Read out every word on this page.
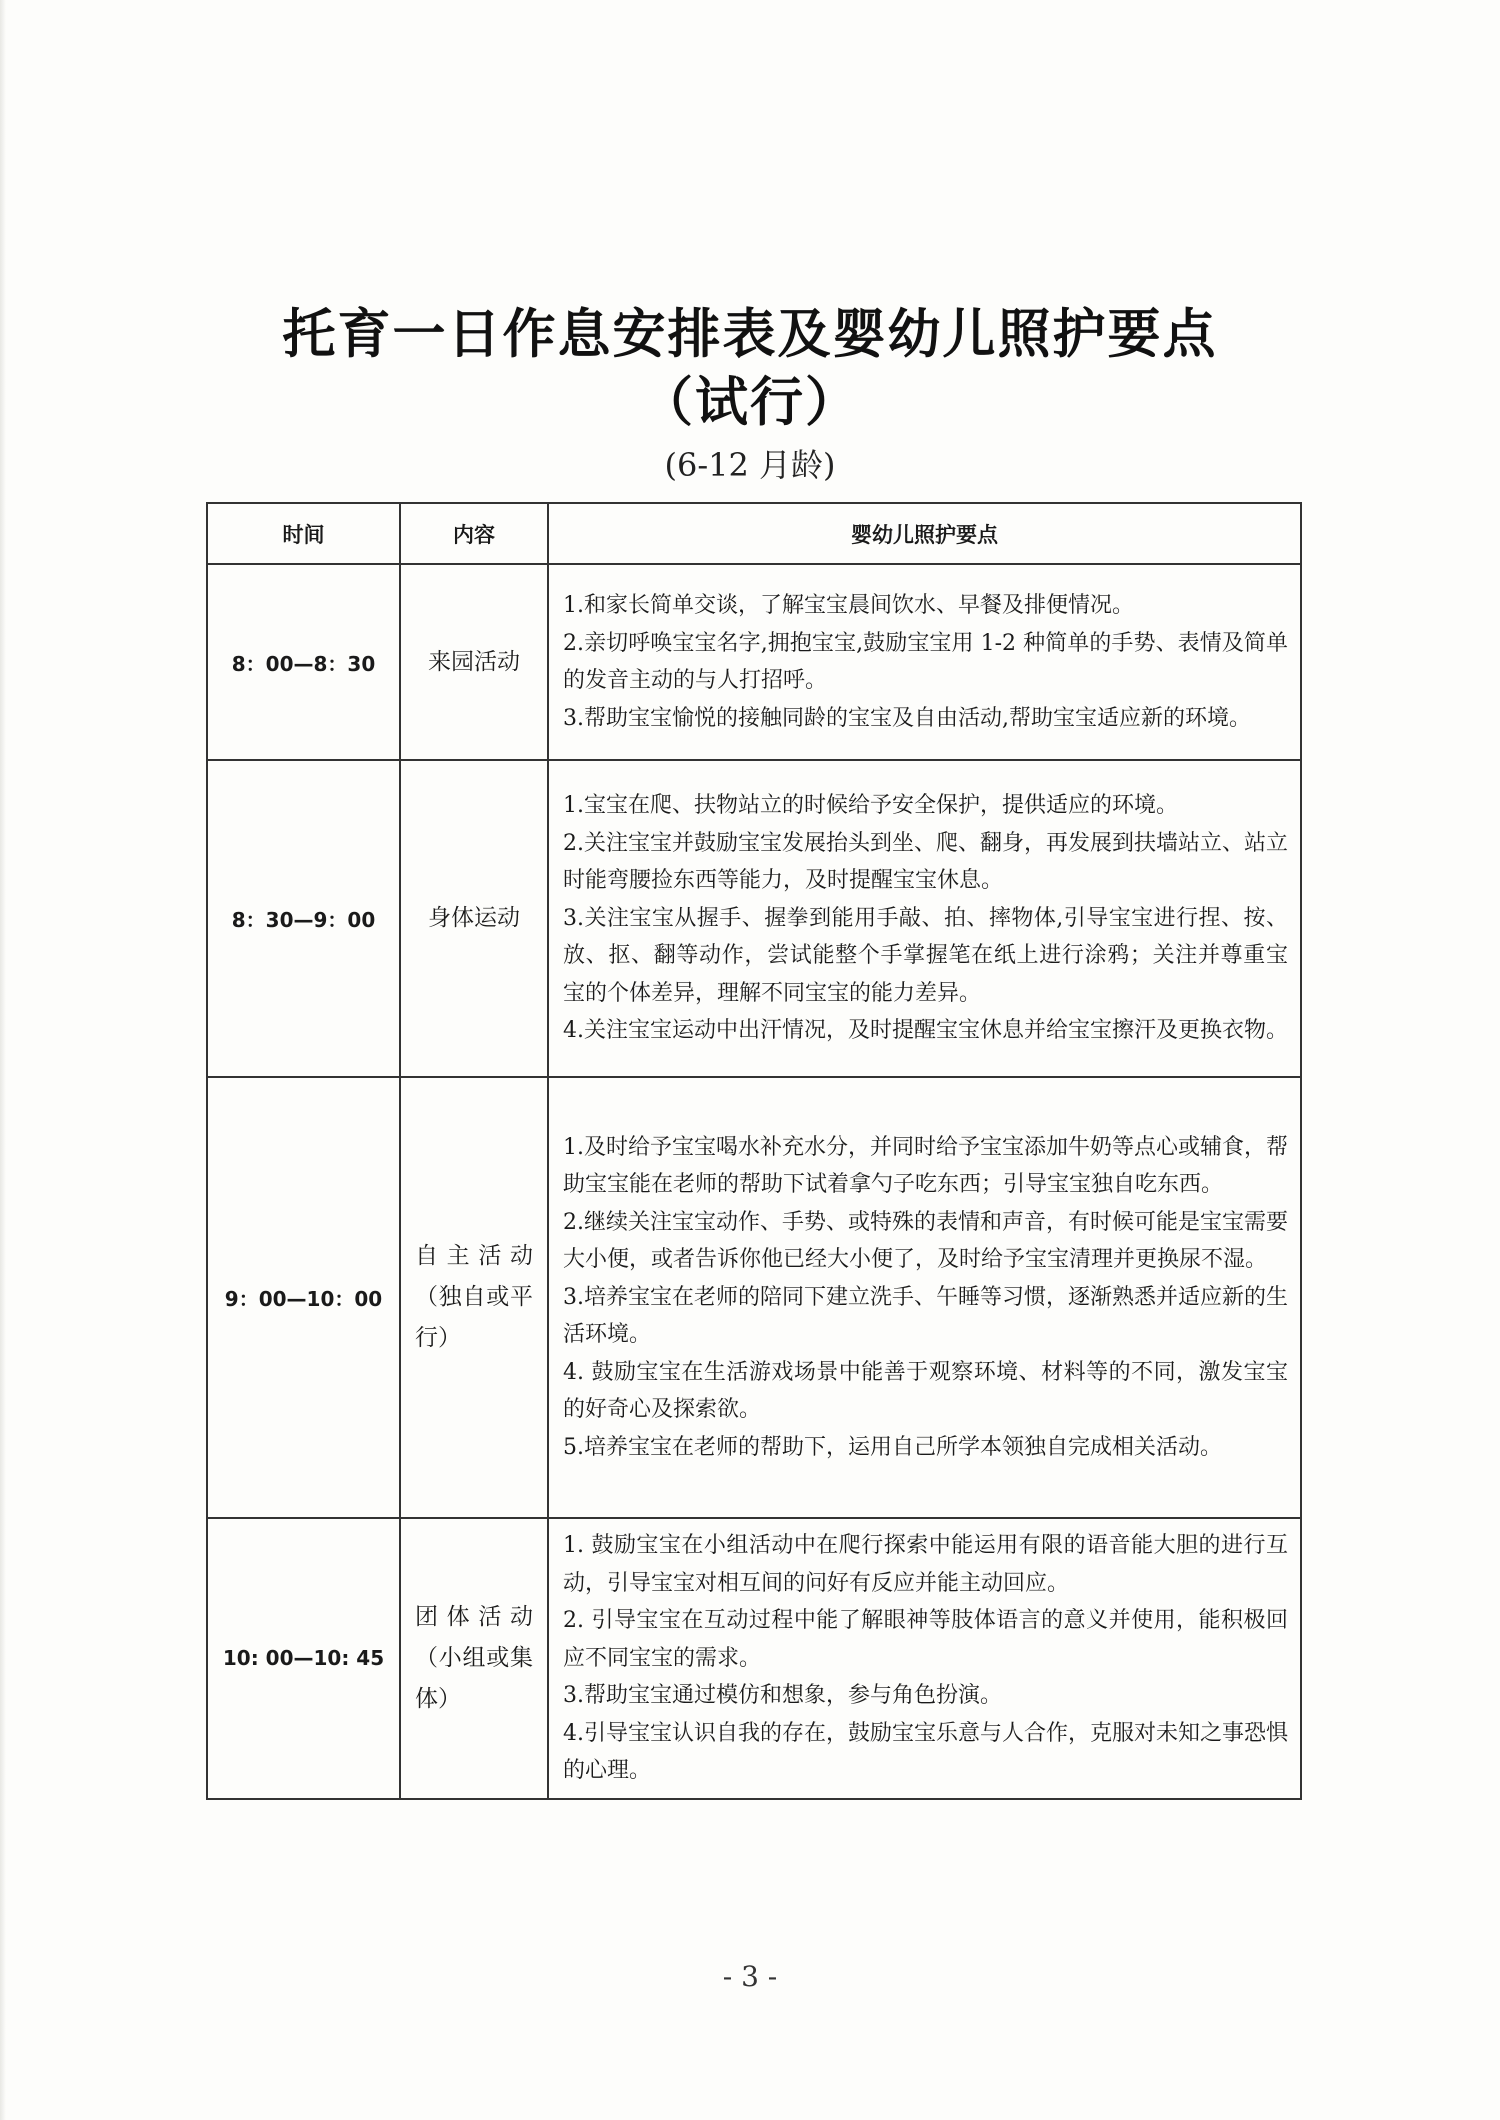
托育一日作息安排表及婴幼儿照护要点
（试行）
(6-12 月龄)
时间	内容	婴幼儿照护要点
8：00—8：30	来园活动	1.和家长简单交谈，了解宝宝晨间饮水、早餐及排便情况。

2.亲切呼唤宝宝名字,拥抱宝宝,鼓励宝宝用 1-2 种简单的手势、表情及简单的发音主动的与人打招呼。

3.帮助宝宝愉悦的接触同龄的宝宝及自由活动,帮助宝宝适应新的环境。

8：30—9：00	身体运动	1.宝宝在爬、扶物站立的时候给予安全保护，提供适应的环境。

2.关注宝宝并鼓励宝宝发展抬头到坐、爬、翻身，再发展到扶墙站立、站立时能弯腰捡东西等能力，及时提醒宝宝休息。

3.关注宝宝从握手、握拳到能用手敲、拍、摔物体,引导宝宝进行捏、按、放、抠、翻等动作，尝试能整个手掌握笔在纸上进行涂鸦；关注并尊重宝宝的个体差异，理解不同宝宝的能力差异。

4.关注宝宝运动中出汗情况，及时提醒宝宝休息并给宝宝擦汗及更换衣物。

9：00—10：00	自主活动（独自或平行）	1.及时给予宝宝喝水补充水分，并同时给予宝宝添加牛奶等点心或辅食，帮助宝宝能在老师的帮助下试着拿勺子吃东西；引导宝宝独自吃东西。

2.继续关注宝宝动作、手势、或特殊的表情和声音，有时候可能是宝宝需要大小便，或者告诉你他已经大小便了，及时给予宝宝清理并更换尿不湿。

3.培养宝宝在老师的陪同下建立洗手、午睡等习惯，逐渐熟悉并适应新的生活环境。

4. 鼓励宝宝在生活游戏场景中能善于观察环境、材料等的不同，激发宝宝的好奇心及探索欲。

5.培养宝宝在老师的帮助下，运用自己所学本领独自完成相关活动。

10: 00—10: 45	团体活动（小组或集体）	1. 鼓励宝宝在小组活动中在爬行探索中能运用有限的语音能大胆的进行互动，引导宝宝对相互间的问好有反应并能主动回应。

2. 引导宝宝在互动过程中能了解眼神等肢体语言的意义并使用，能积极回应不同宝宝的需求。

3.帮助宝宝通过模仿和想象，参与角色扮演。

4.引导宝宝认识自我的存在，鼓励宝宝乐意与人合作，克服对未知之事恐惧的心理。

- 3 -
